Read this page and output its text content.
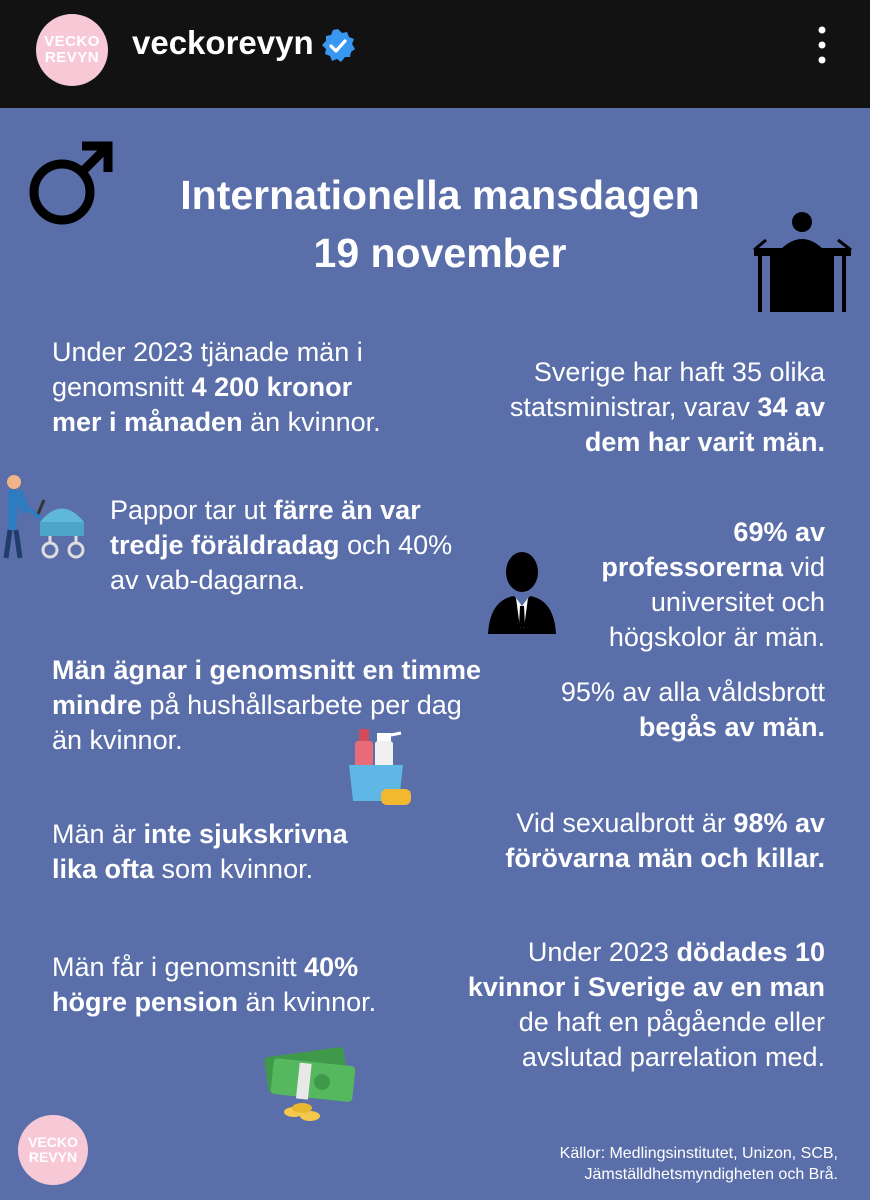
VECKO
REVYN veckorevyn
Internationella mansdagen
19 november
Under 2023 tjänade män i genomsnitt 4 200 kronor mer i månaden än kvinnor.
Pappor tar ut färre än var tredje föräldradag och 40% av vab-dagarna.
Män ägnar i genomsnitt en timme mindre på hushållsarbete per dag än kvinnor.
Män är inte sjukskrivna lika ofta som kvinnor.
Män får i genomsnitt 40% högre pension än kvinnor.
Sverige har haft 35 olika statsministrar, varav 34 av dem har varit män.
69% av professorerna vid universitet och högskolor är män.
95% av alla våldsbrott begås av män.
Vid sexualbrott är 98% av förövarna män och killar.
Under 2023 dödades 10 kvinnor i Sverige av en man de haft en pågående eller avslutad parrelation med.
VECKO
REVYN	Källor: Medlingsinstitutet, Unizon, SCB,
Jämställdhetsmyndigheten och Brå.
